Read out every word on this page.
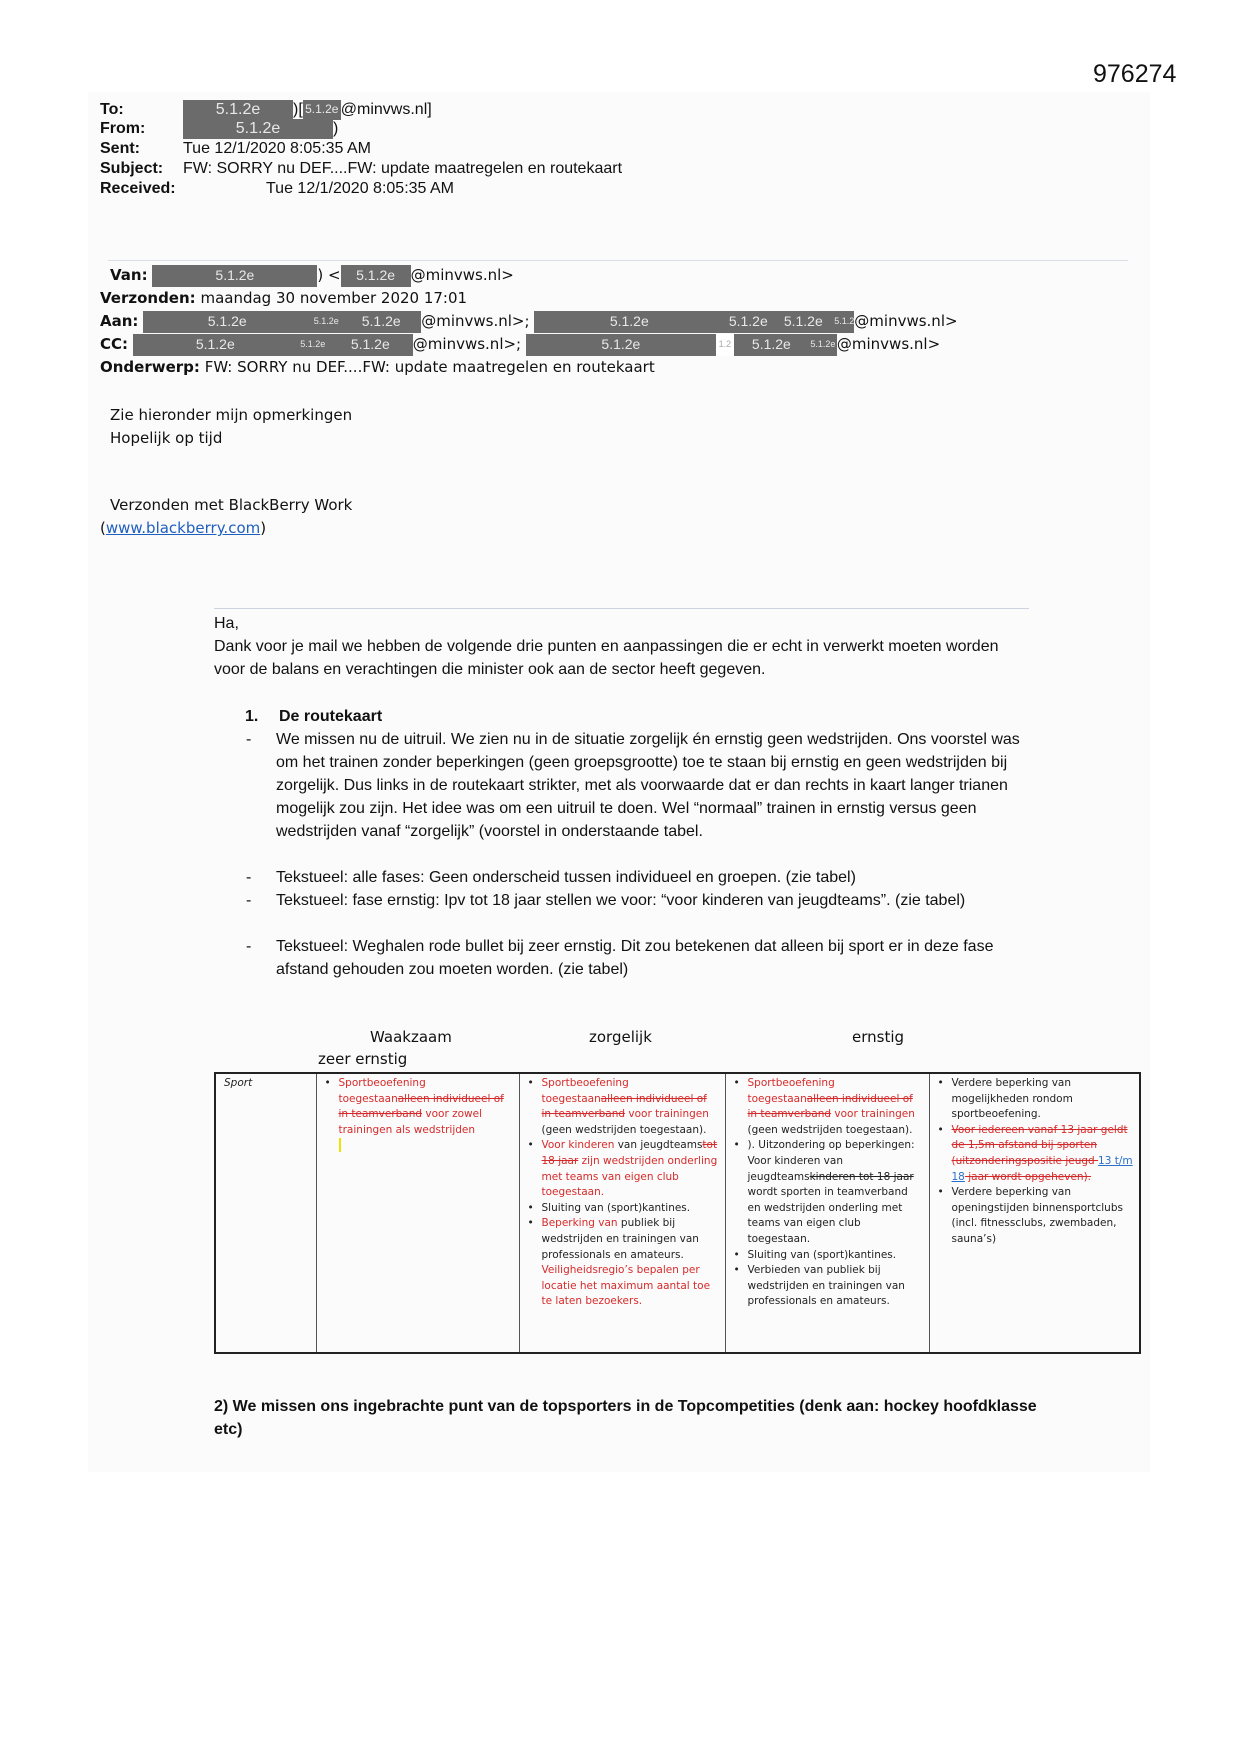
976274
To:	5.1.2e )[ 5.1.2e @minvws.nl]
From:	5.1.2e	)
Sent:	Tue 12/1/2020 8:05:35 AM
Subject: FW: SORRY nu DEF....FW: update maatregelen en routekaart
Received:	Tue 12/1/2020 8:05:35 AM
Van:	5.1.2e	) < 5.1.2e @minvws.nl>
Verzonden: maandag 30 november 2020 17:01
Aan:	5.1.2e	5.1.2e 5.1.2e @minvws.nl>;	5.1.2e	5.1.2e 5.1.2e 5.1.2e@minvws.nl>
CC:	5.1.2e	5.1.2e 5.1.2e @minvws.nl>;	5.1.2e	1.2 5.1.2e 5.1.2e@minvws.nl>
Onderwerp: FW: SORRY nu DEF....FW: update maatregelen en routekaart
Zie hieronder mijn opmerkingen
Hopelijk op tijd
Verzonden met BlackBerry Work
(www.blackberry.com)
Ha,
Dank voor je mail we hebben de volgende drie punten en aanpassingen die er echt in verwerkt moeten worden voor de balans en verachtingen die minister ook aan de sector heeft gegeven.
1. De routekaart
- We missen nu de uitruil. We zien nu in de situatie zorgelijk én ernstig geen wedstrijden. Ons voorstel was om het trainen zonder beperkingen (geen groepsgrootte) toe te staan bij ernstig en geen wedstrijden bij zorgelijk. Dus links in de routekaart strikter, met als voorwaarde dat er dan rechts in kaart langer trianen mogelijk zou zijn. Het idee was om een uitruil te doen. Wel “normaal” trainen in ernstig versus geen wedstrijden vanaf “zorgelijk” (voorstel in onderstaande tabel.
- Tekstueel: alle fases: Geen onderscheid tussen individueel en groepen. (zie tabel)
- Tekstueel: fase ernstig: Ipv tot 18 jaar stellen we voor: “voor kinderen van jeugdteams”. (zie tabel)
- Tekstueel: Weghalen rode bullet bij zeer ernstig. Dit zou betekenen dat alleen bij sport er in deze fase afstand gehouden zou moeten worden. (zie tabel)
Waakzaam	zorgelijk	ernstig
zeer ernstig
Sport	
•Sportbeoefening
toegestaanalleen individueel of in teamverband voor zowel trainingen als wedstrijden

• Sportbeoefening toegestaanalleen individueel of in teamverband voor trainingen (geen wedstrijden toegestaan).
• Voor kinderen van jeugdteamstot 18 jaar zijn wedstrijden onderling met teams van eigen club toegestaan.
• Sluiting van (sport)kantines.
• Beperking van publiek bij wedstrijden en trainingen van professionals en amateurs. Veiligheidsregio’s bepalen per locatie het maximum aantal toe te laten bezoekers.

• Sportbeoefening toegestaanalleen individueel of in teamverband voor trainingen (geen wedstrijden toegestaan).
• ). Uitzondering op beperkingen: Voor kinderen van jeugdteamskinderen tot 18 jaar wordt sporten in teamverband en wedstrijden onderling met teams van eigen club toegestaan.
• Sluiting van (sport)kantines.
• Verbieden van publiek bij wedstrijden en trainingen van professionals en amateurs.

• Verdere beperking van mogelijkheden rondom sportbeoefening.
• Voor iedereen vanaf 13 jaar geldt de 1,5m afstand bij sporten (uitzonderingspositie jeugd 13 t/m 18 jaar wordt opgeheven).
• Verdere beperking van openingstijden binnensportclubs (incl. fitnessclubs, zwembaden, sauna’s)
2) We missen ons ingebrachte punt van de topsporters in de Topcompetities (denk aan: hockey hoofdklasse etc)
